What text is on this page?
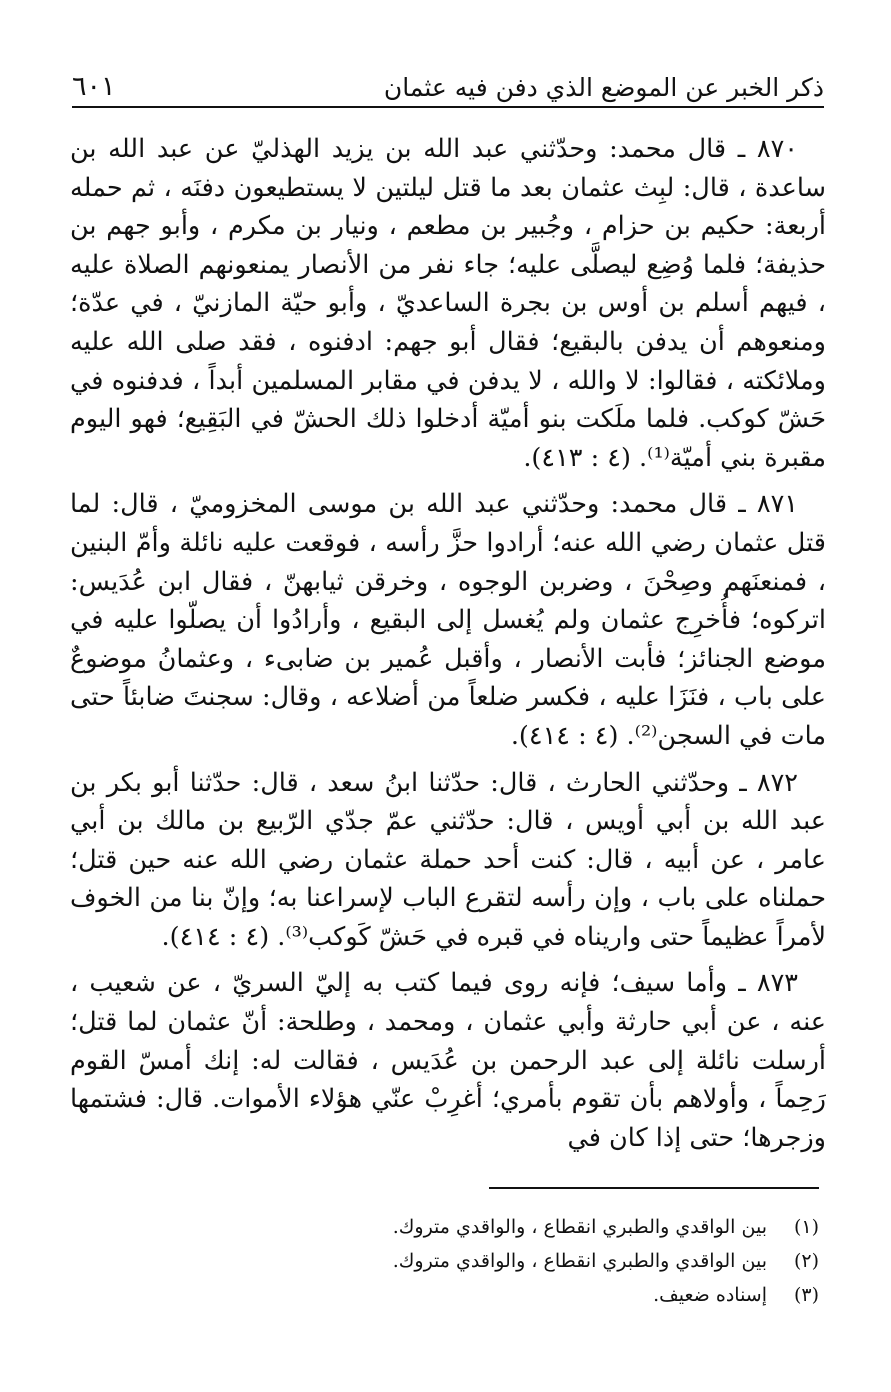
ذكر الخبر عن الموضع الذي دفن فيه عثمان
٦٠١

٨٧٠ ـ قال محمد: وحدّثني عبد الله بن يزيد الهذليّ عن عبد الله بن ساعدة ، قال: لبِث عثمان بعد ما قتل ليلتين لا يستطيعون دفنَه ، ثم حمله أربعة: حكيم بن حزام ، وجُبير بن مطعم ، ونيار بن مكرم ، وأبو جهم بن حذيفة؛ فلما وُضِع ليصلَّى عليه؛ جاء نفر من الأنصار يمنعونهم الصلاة عليه ، فيهم أسلم بن أوس بن بجرة الساعديّ ، وأبو حيّة المازنيّ ، في عدّة؛ ومنعوهم أن يدفن بالبقيع؛ فقال أبو جهم: ادفنوه ، فقد صلى الله عليه وملائكته ، فقالوا: لا والله ، لا يدفن في مقابر المسلمين أبداً ، فدفنوه في حَشّ كوكب. فلما ملَكت بنو أميّة أدخلوا ذلك الحشّ في البَقِيع؛ فهو اليوم مقبرة بني أميّة⁽¹⁾. (٤ : ٤١٣).

٨٧١ ـ قال محمد: وحدّثني عبد الله بن موسى المخزوميّ ، قال: لما قتل عثمان رضي الله عنه؛ أرادوا حزَّ رأسه ، فوقعت عليه نائلة وأمّ البنين ، فمنعنَهم وصِحْنَ ، وضربن الوجوه ، وخرقن ثيابهنّ ، فقال ابن عُدَيس: اتركوه؛ فأُخرِج عثمان ولم يُغسل إلى البقيع ، وأرادُوا أن يصلّوا عليه في موضع الجنائز؛ فأبت الأنصار ، وأقبل عُمير بن ضابىء ، وعثمانُ موضوعٌ على باب ، فنَزَا عليه ، فكسر ضلعاً من أضلاعه ، وقال: سجنتَ ضابئاً حتى مات في السجن⁽²⁾. (٤ : ٤١٤).

٨٧٢ ـ وحدّثني الحارث ، قال: حدّثنا ابنُ سعد ، قال: حدّثنا أبو بكر بن عبد الله بن أبي أويس ، قال: حدّثني عمّ جدّي الرّبيع بن مالك بن أبي عامر ، عن أبيه ، قال: كنت أحد حملة عثمان رضي الله عنه حين قتل؛ حملناه على باب ، وإن رأسه لتقرع الباب لإسراعنا به؛ وإنّ بنا من الخوف لأمراً عظيماً حتى واريناه في قبره في حَشّ كَوكب⁽³⁾. (٤ : ٤١٤).

٨٧٣ ـ وأما سيف؛ فإنه روى فيما كتب به إليّ السريّ ، عن شعيب ، عنه ، عن أبي حارثة وأبي عثمان ، ومحمد ، وطلحة: أنّ عثمان لما قتل؛ أرسلت نائلة إلى عبد الرحمن بن عُدَيس ، فقالت له: إنك أمسّ القوم رَحِماً ، وأولاهم بأن تقوم بأمري؛ أغرِبْ عنّي هؤلاء الأموات. قال: فشتمها وزجرها؛ حتى إذا كان في

(١)
بين الواقدي والطبري انقطاع ، والواقدي متروك.
(٢)
بين الواقدي والطبري انقطاع ، والواقدي متروك.
(٣)
إسناده ضعيف.
